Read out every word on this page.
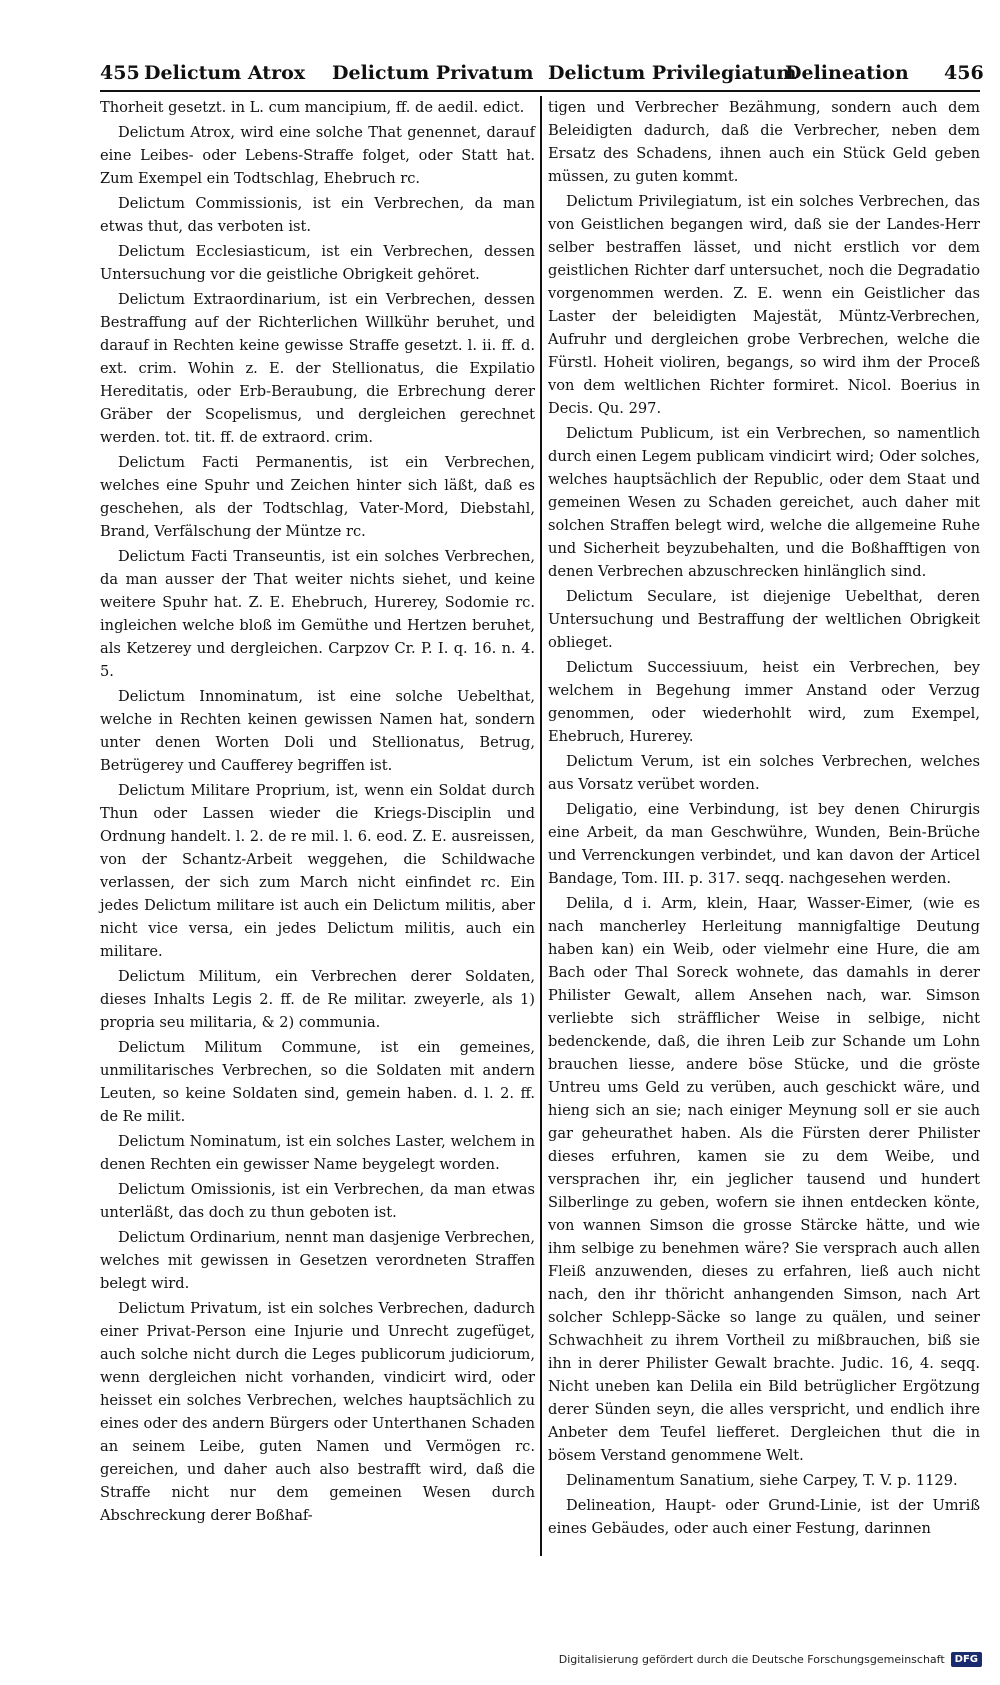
455 Delictum Atrox Delictum Privatum Delictum Privilegiatum
Delineation 456

Thorheit gesetzt. in L. cum mancipium, ff. de aedil. edict.

Delictum Atrox, wird eine solche That genennet, darauf eine Leibes- oder Lebens-Straffe folget, oder Statt hat. Zum Exempel ein Todtschlag, Ehebruch rc.

Delictum Commissionis, ist ein Verbrechen, da man etwas thut, das verboten ist.

Delictum Ecclesiasticum, ist ein Verbrechen, dessen Untersuchung vor die geistliche Obrigkeit gehöret.

Delictum Extraordinarium, ist ein Verbrechen, dessen Bestraffung auf der Richterlichen Willkühr beruhet, und darauf in Rechten keine gewisse Straffe gesetzt. l. ii. ff. d. ext. crim. Wohin z. E. der Stellionatus, die Expilatio Hereditatis, oder Erb-Beraubung, die Erbrechung derer Gräber der Scopelismus, und dergleichen gerechnet werden. tot. tit. ff. de extraord. crim.

Delictum Facti Permanentis, ist ein Verbrechen, welches eine Spuhr und Zeichen hinter sich läßt, daß es geschehen, als der Todtschlag, Vater-Mord, Diebstahl, Brand, Verfälschung der Müntze rc.

Delictum Facti Transeuntis, ist ein solches Verbrechen, da man ausser der That weiter nichts siehet, und keine weitere Spuhr hat. Z. E. Ehebruch, Hurerey, Sodomie rc. ingleichen welche bloß im Gemüthe und Hertzen beruhet, als Ketzerey und dergleichen. Carpzov Cr. P. I. q. 16. n. 4. 5.

Delictum Innominatum, ist eine solche Uebelthat, welche in Rechten keinen gewissen Namen hat, sondern unter denen Worten Doli und Stellionatus, Betrug, Betrügerey und Caufferey begriffen ist.

Delictum Militare Proprium, ist, wenn ein Soldat durch Thun oder Lassen wieder die Kriegs-Disciplin und Ordnung handelt. l. 2. de re mil. l. 6. eod. Z. E. ausreissen, von der Schantz-Arbeit weggehen, die Schildwache verlassen, der sich zum March nicht einfindet rc. Ein jedes Delictum militare ist auch ein Delictum militis, aber nicht vice versa, ein jedes Delictum militis, auch ein militare.

Delictum Militum, ein Verbrechen derer Soldaten, dieses Inhalts Legis 2. ff. de Re militar. zweyerle, als 1) propria seu militaria, & 2) communia.

Delictum Militum Commune, ist ein gemeines, unmilitarisches Verbrechen, so die Soldaten mit andern Leuten, so keine Soldaten sind, gemein haben. d. l. 2. ff. de Re milit.

Delictum Nominatum, ist ein solches Laster, welchem in denen Rechten ein gewisser Name beygelegt worden.

Delictum Omissionis, ist ein Verbrechen, da man etwas unterläßt, das doch zu thun geboten ist.

Delictum Ordinarium, nennt man dasjenige Verbrechen, welches mit gewissen in Gesetzen verordneten Straffen belegt wird.

Delictum Privatum, ist ein solches Verbrechen, dadurch einer Privat-Person eine Injurie und Unrecht zugefüget, auch solche nicht durch die Leges publicorum judiciorum, wenn dergleichen nicht vorhanden, vindicirt wird, oder heisset ein solches Verbrechen, welches hauptsächlich zu eines oder des andern Bürgers oder Unterthanen Schaden an seinem Leibe, guten Namen und Vermögen rc. gereichen, und daher auch also bestrafft wird, daß die Straffe nicht nur dem gemeinen Wesen durch Abschreckung derer Boßhaf-

tigen und Verbrecher Bezähmung, sondern auch dem Beleidigten dadurch, daß die Verbrecher, neben dem Ersatz des Schadens, ihnen auch ein Stück Geld geben müssen, zu guten kommt.

Delictum Privilegiatum, ist ein solches Verbrechen, das von Geistlichen begangen wird, daß sie der Landes-Herr selber bestraffen lässet, und nicht erstlich vor dem geistlichen Richter darf untersuchet, noch die Degradatio vorgenommen werden. Z. E. wenn ein Geistlicher das Laster der beleidigten Majestät, Müntz-Verbrechen, Aufruhr und dergleichen grobe Verbrechen, welche die Fürstl. Hoheit violiren, begangs, so wird ihm der Proceß von dem weltlichen Richter formiret. Nicol. Boerius in Decis. Qu. 297.

Delictum Publicum, ist ein Verbrechen, so namentlich durch einen Legem publicam vindicirt wird; Oder solches, welches hauptsächlich der Republic, oder dem Staat und gemeinen Wesen zu Schaden gereichet, auch daher mit solchen Straffen belegt wird, welche die allgemeine Ruhe und Sicherheit beyzubehalten, und die Boßhafftigen von denen Verbrechen abzuschrecken hinlänglich sind.

Delictum Seculare, ist diejenige Uebelthat, deren Untersuchung und Bestraffung der weltlichen Obrigkeit oblieget.

Delictum Successiuum, heist ein Verbrechen, bey welchem in Begehung immer Anstand oder Verzug genommen, oder wiederhohlt wird, zum Exempel, Ehebruch, Hurerey.

Delictum Verum, ist ein solches Verbrechen, welches aus Vorsatz verübet worden.

Deligatio, eine Verbindung, ist bey denen Chirurgis eine Arbeit, da man Geschwühre, Wunden, Bein-Brüche und Verrenckungen verbindet, und kan davon der Articel Bandage, Tom. III. p. 317. seqq. nachgesehen werden.

Delila, d i. Arm, klein, Haar, Wasser-Eimer, (wie es nach mancherley Herleitung mannigfaltige Deutung haben kan) ein Weib, oder vielmehr eine Hure, die am Bach oder Thal Soreck wohnete, das damahls in derer Philister Gewalt, allem Ansehen nach, war. Simson verliebte sich sträfflicher Weise in selbige, nicht bedenckende, daß, die ihren Leib zur Schande um Lohn brauchen liesse, andere böse Stücke, und die gröste Untreu ums Geld zu verüben, auch geschickt wäre, und hieng sich an sie; nach einiger Meynung soll er sie auch gar geheurathet haben. Als die Fürsten derer Philister dieses erfuhren, kamen sie zu dem Weibe, und versprachen ihr, ein jeglicher tausend und hundert Silberlinge zu geben, wofern sie ihnen entdecken könte, von wannen Simson die grosse Stärcke hätte, und wie ihm selbige zu benehmen wäre? Sie versprach auch allen Fleiß anzuwenden, dieses zu erfahren, ließ auch nicht nach, den ihr thöricht anhangenden Simson, nach Art solcher Schlepp-Säcke so lange zu quälen, und seiner Schwachheit zu ihrem Vortheil zu mißbrauchen, biß sie ihn in derer Philister Gewalt brachte. Judic. 16, 4. seqq. Nicht uneben kan Delila ein Bild betrüglicher Ergötzung derer Sünden seyn, die alles verspricht, und endlich ihre Anbeter dem Teufel liefferet. Dergleichen thut die in bösem Verstand genommene Welt.

Delinamentum Sanatium, siehe Carpey, T. V. p. 1129.

Delineation, Haupt- oder Grund-Linie, ist der Umriß eines Gebäudes, oder auch einer Festung, darinnen

Digitalisierung gefördert durch die Deutsche Forschungsgemeinschaft	DFG
